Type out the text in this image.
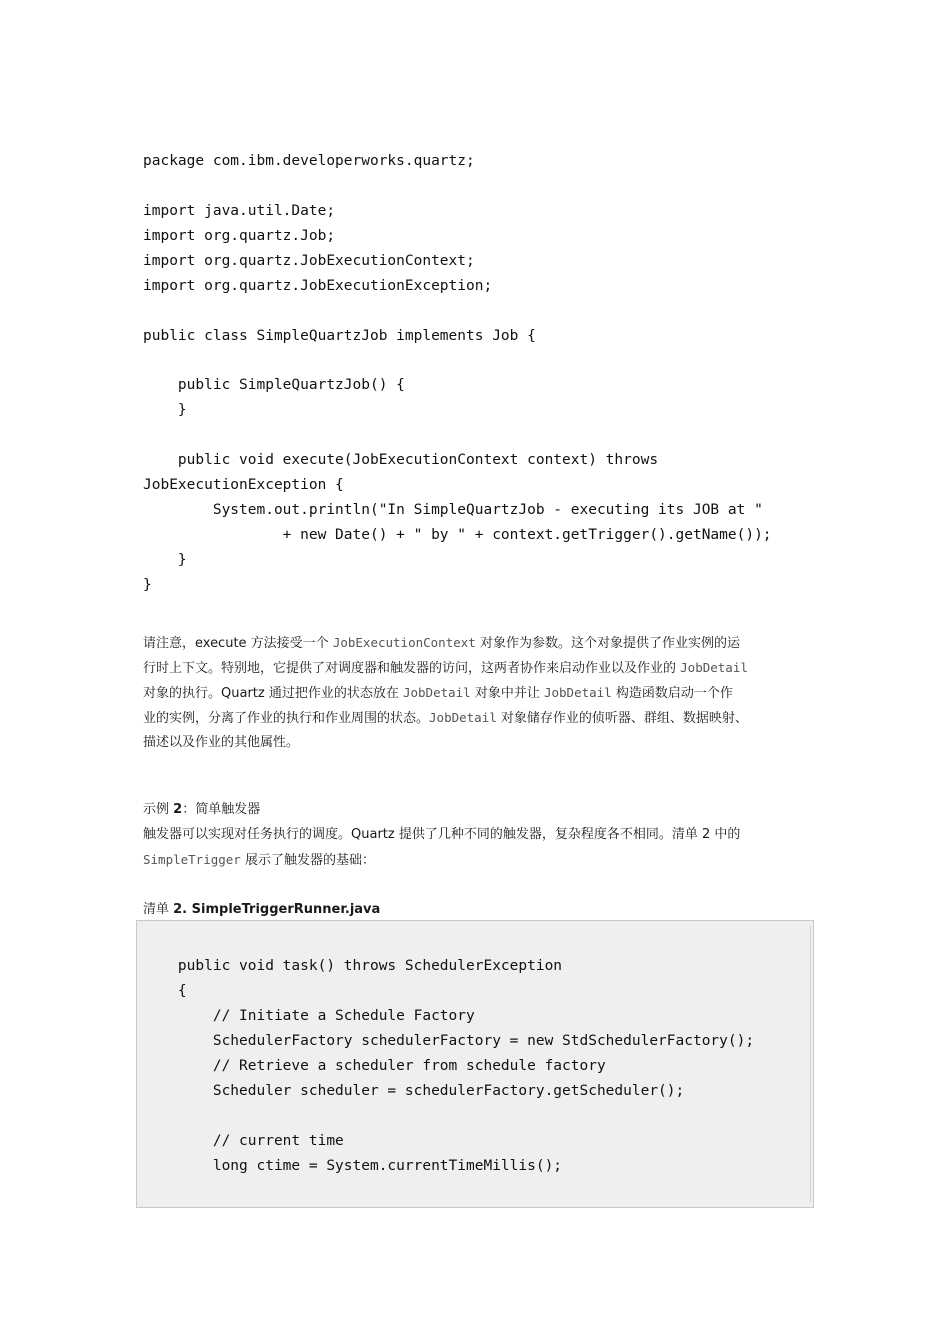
package com.ibm.developerworks.quartz;
import java.util.Date;
import org.quartz.Job;
import org.quartz.JobExecutionContext;
import org.quartz.JobExecutionException;
public class SimpleQuartzJob implements Job {
public SimpleQuartzJob() {
}
public void execute(JobExecutionContext context) throws
JobExecutionException {
System.out.println("In SimpleQuartzJob - executing its JOB at "
+ new Date() + " by " + context.getTrigger().getName());
}
}
请注意，execute 方法接受一个 JobExecutionContext 对象作为参数。这个对象提供了作业实例的运
行时上下文。特别地，它提供了对调度器和触发器的访问，这两者协作来启动作业以及作业的 JobDetail
对象的执行。Quartz 通过把作业的状态放在 JobDetail 对象中并让 JobDetail 构造函数启动一个作
业的实例，分离了作业的执行和作业周围的状态。JobDetail 对象储存作业的侦听器、群组、数据映射、
描述以及作业的其他属性。
示例 2：简单触发器
触发器可以实现对任务执行的调度。Quartz 提供了几种不同的触发器，复杂程度各不相同。清单 2 中的
SimpleTrigger 展示了触发器的基础：
清单 2. SimpleTriggerRunner.java
public void task() throws SchedulerException
{
// Initiate a Schedule Factory
SchedulerFactory schedulerFactory = new StdSchedulerFactory();
// Retrieve a scheduler from schedule factory
Scheduler scheduler = schedulerFactory.getScheduler();
// current time
long ctime = System.currentTimeMillis();
